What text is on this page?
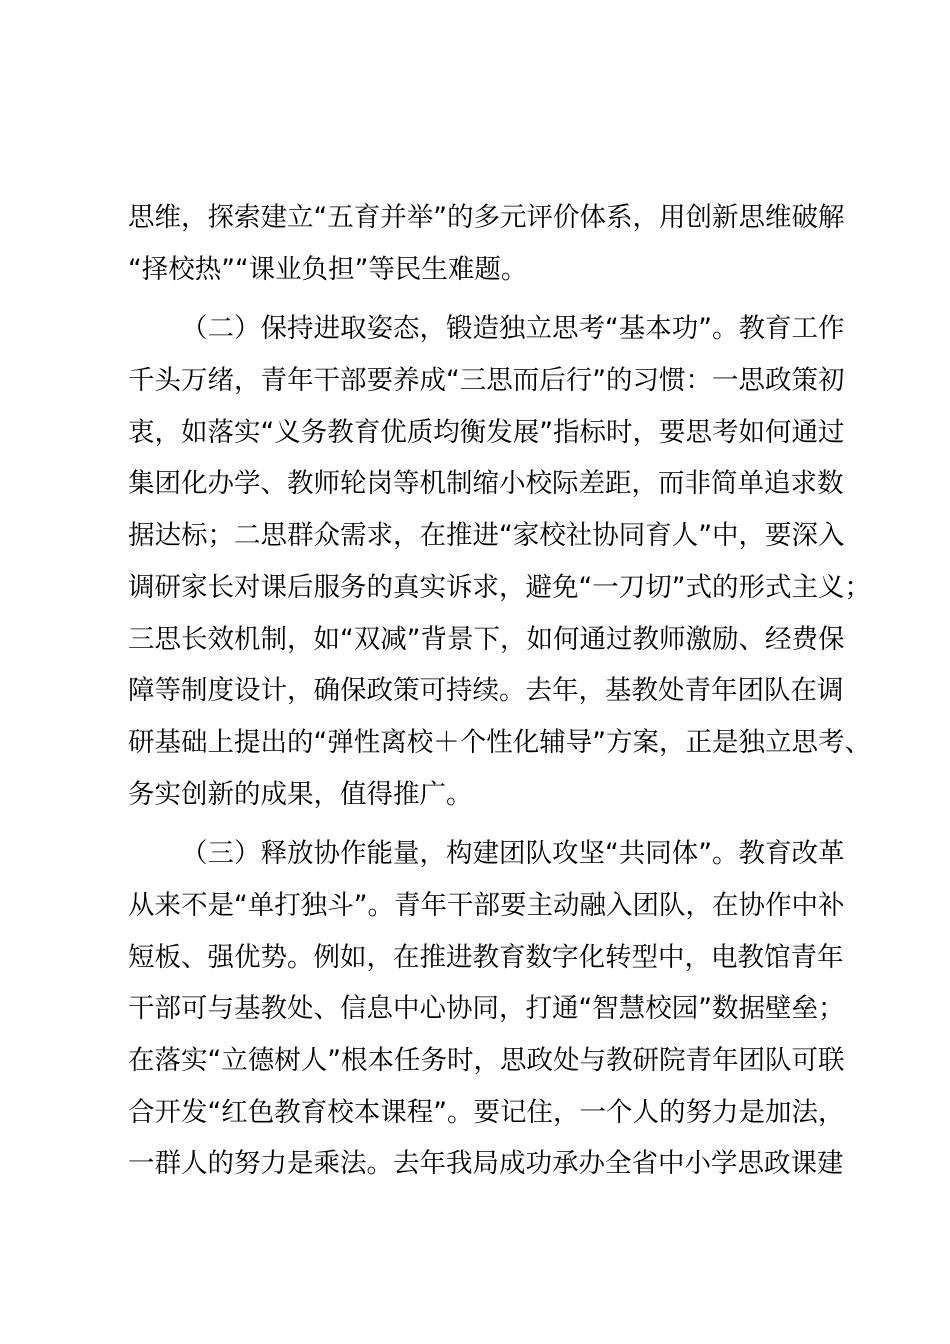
思维，探索建立“五育并举”的多元评价体系，用创新思维破解
“择校热”“课业负担”等民生难题。
（二）保持进取姿态，锻造独立思考“基本功”。教育工作
千头万绪，青年干部要养成“三思而后行”的习惯：一思政策初
衷，如落实“义务教育优质均衡发展”指标时，要思考如何通过
集团化办学、教师轮岗等机制缩小校际差距，而非简单追求数
据达标；二思群众需求，在推进“家校社协同育人”中，要深入
调研家长对课后服务的真实诉求，避免“一刀切”式的形式主义；
三思长效机制，如“双减”背景下，如何通过教师激励、经费保
障等制度设计，确保政策可持续。去年，基教处青年团队在调
研基础上提出的“弹性离校＋个性化辅导”方案，正是独立思考、
务实创新的成果，值得推广。
（三）释放协作能量，构建团队攻坚“共同体”。教育改革
从来不是“单打独斗”。青年干部要主动融入团队，在协作中补
短板、强优势。例如，在推进教育数字化转型中，电教馆青年
干部可与基教处、信息中心协同，打通“智慧校园”数据壁垒；
在落实“立德树人”根本任务时，思政处与教研院青年团队可联
合开发“红色教育校本课程”。要记住，一个人的努力是加法，
一群人的努力是乘法。去年我局成功承办全省中小学思政课建
